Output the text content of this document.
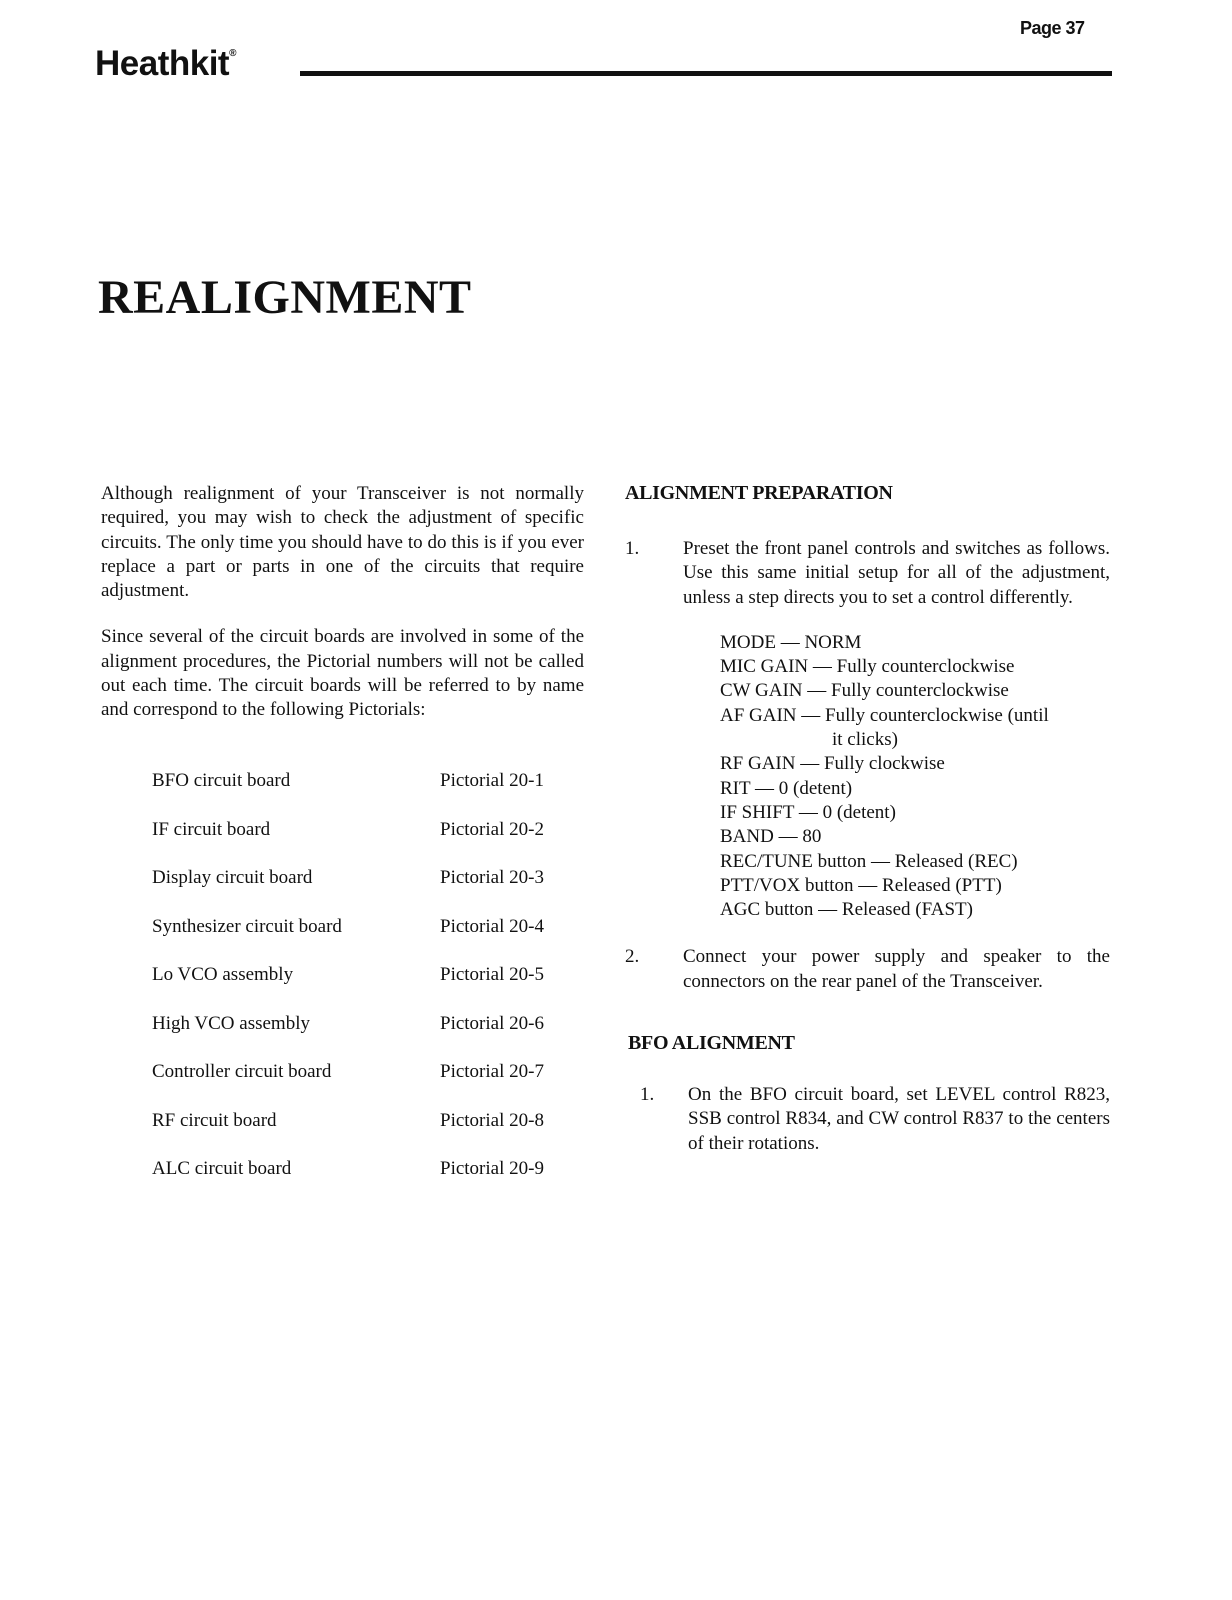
Page 37
Heathkit®
REALIGNMENT

Although realignment of your Transceiver is not normally required, you may wish to check the adjustment of specific circuits. The only time you should have to do this is if you ever replace a part or parts in one of the circuits that require adjustment.

Since several of the circuit boards are involved in some of the alignment procedures, the Pictorial numbers will not be called out each time. The circuit boards will be referred to by name and correspond to the following Pictorials:

BFO circuit board	Pictorial 20-1
IF circuit board	Pictorial 20-2
Display circuit board	Pictorial 20-3
Synthesizer circuit board	Pictorial 20-4
Lo VCO assembly	Pictorial 20-5
High VCO assembly	Pictorial 20-6
Controller circuit board	Pictorial 20-7
RF circuit board	Pictorial 20-8
ALC circuit board	Pictorial 20-9
ALIGNMENT PREPARATION
1.	Preset the front panel controls and switches as follows. Use this same initial setup for all of the adjustment, unless a step directs you to set a control differently.
MODE — NORM
MIC GAIN — Fully counterclockwise
CW GAIN — Fully counterclockwise
AF GAIN — Fully counterclockwise (until
it clicks)
RF GAIN — Fully clockwise
RIT — 0 (detent)
IF SHIFT — 0 (detent)
BAND — 80
REC/TUNE button — Released (REC)
PTT/VOX button — Released (PTT)
AGC button — Released (FAST)
2.	Connect your power supply and speaker to the connectors on the rear panel of the Transceiver.
BFO ALIGNMENT
1.	On the BFO circuit board, set LEVEL control R823, SSB control R834, and CW control R837 to the centers of their rotations.
